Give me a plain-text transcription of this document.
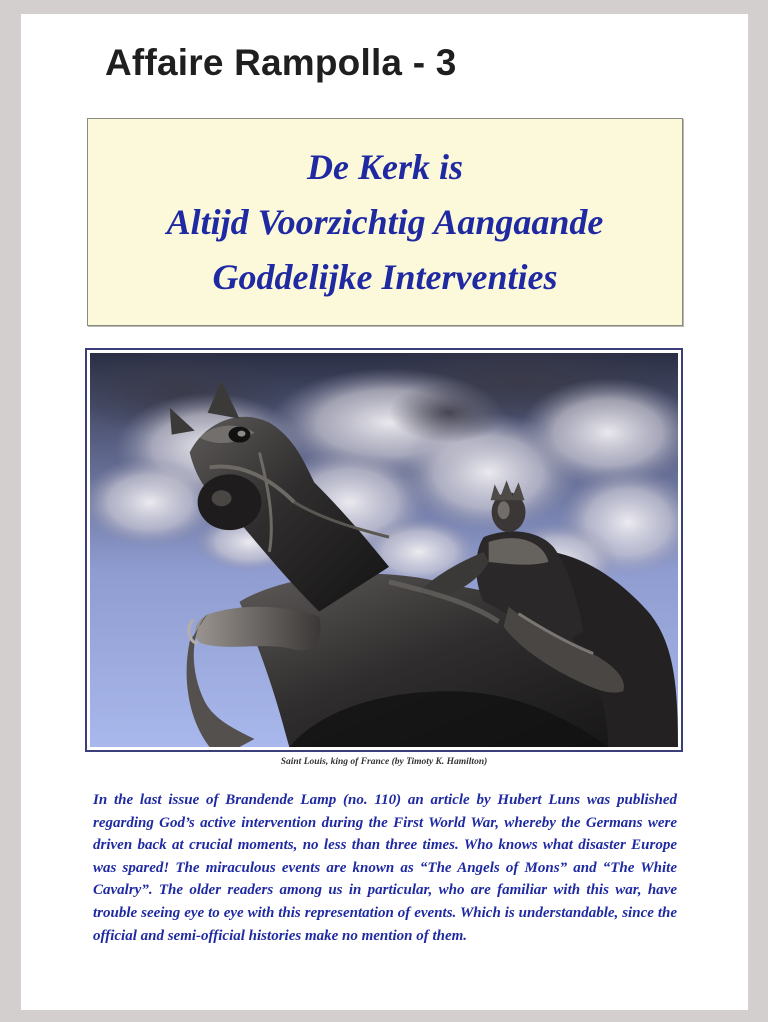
Affaire Rampolla - 3
De Kerk is
Altijd Voorzichtig Aangaande
Goddelijke Interventies

Saint Louis, king of France (by Timoty K. Hamilton)

In the last issue of Brandende Lamp (no. 110) an article by Hubert Luns was published regarding God’s active intervention during the First World War, whereby the Germans were driven back at crucial moments, no less than three times. Who knows what disaster Europe was spared! The miraculous events are known as “The Angels of Mons” and “The White Cavalry”. The older readers among us in particular, who are familiar with this war, have trouble seeing eye to eye with this representation of events. Which is understandable, since the official and semi-official histories make no mention of them.
